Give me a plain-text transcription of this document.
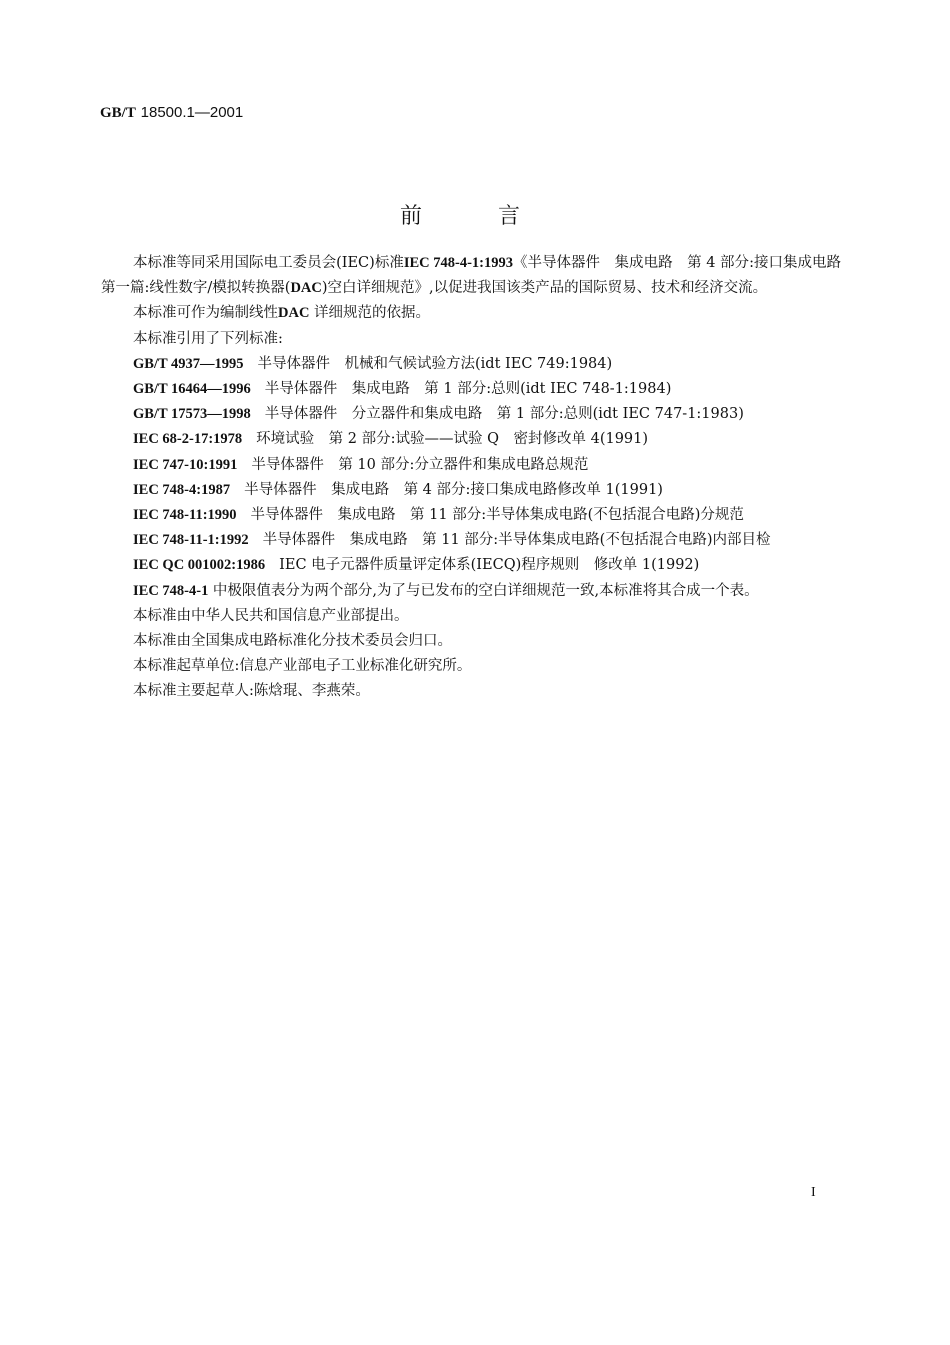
GB/T 18500.1—2001
前	言

本标准等同采用国际电工委员会(IEC)标准IEC 748-4-1:1993《半导体器件　集成电路　第 4 部分:接口集成电路　第一篇:线性数字/模拟转换器(DAC)空白详细规范》,以促进我国该类产品的国际贸易、技术和经济交流。

本标准可作为编制线性DAC 详细规范的依据。

本标准引用了下列标准:

GB/T 4937—1995 半导体器件　机械和气候试验方法(idt IEC 749:1984)
GB/T 16464—1996 半导体器件　集成电路　第 1 部分:总则(idt IEC 748-1:1984)
GB/T 17573—1998 半导体器件　分立器件和集成电路　第 1 部分:总则(idt IEC 747-1:1983)
IEC 68-2-17:1978 环境试验　第 2 部分:试验——试验 Q　密封修改单 4(1991)
IEC 747-10:1991 半导体器件　第 10 部分:分立器件和集成电路总规范
IEC 748-4:1987 半导体器件　集成电路　第 4 部分:接口集成电路修改单 1(1991)
IEC 748-11:1990 半导体器件　集成电路　第 11 部分:半导体集成电路(不包括混合电路)分规范
IEC 748-11-1:1992 半导体器件　集成电路　第 11 部分:半导体集成电路(不包括混合电路)内部目检
IEC QC 001002:1986 IEC 电子元器件质量评定体系(IECQ)程序规则　修改单 1(1992)

IEC 748-4-1 中极限值表分为两个部分,为了与已发布的空白详细规范一致,本标准将其合成一个表。

本标准由中华人民共和国信息产业部提出。

本标准由全国集成电路标准化分技术委员会归口。

本标准起草单位:信息产业部电子工业标准化研究所。

本标准主要起草人:陈焓琨、李燕荣。

I
